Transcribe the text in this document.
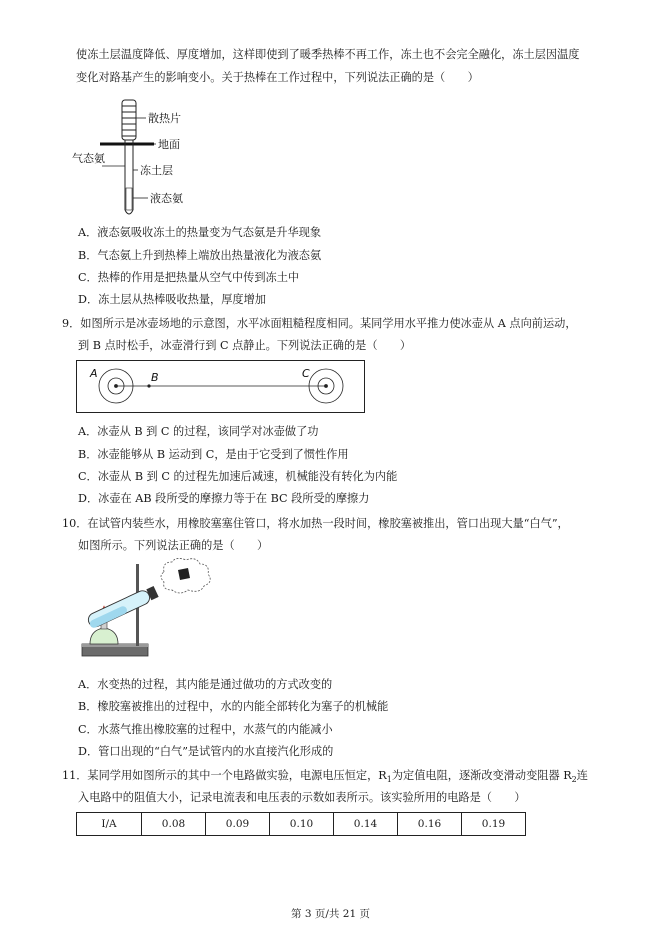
使冻土层温度降低、厚度增加，这样即使到了暖季热棒不再工作，冻土也不会完全融化，冻土层因温度
变化对路基产生的影响变小。关于热棒在工作过程中，下列说法正确的是（　　）
散热片
地面
气态氨
冻土层
液态氨
A．液态氨吸收冻土的热量变为气态氨是升华现象
B．气态氨上升到热棒上端放出热量液化为液态氨
C．热棒的作用是把热量从空气中传到冻土中
D．冻土层从热棒吸收热量，厚度增加
9．如图所示是冰壶场地的示意图，水平冰面粗糙程度相同。某同学用水平推力使冰壶从 A 点向前运动，
到 B 点时松手，冰壶滑行到 C 点静止。下列说法正确的是（　　）
A	B	C
A．冰壶从 B 到 C 的过程，该同学对冰壶做了功
B．冰壶能够从 B 运动到 C，是由于它受到了惯性作用
C．冰壶从 B 到 C 的过程先加速后减速，机械能没有转化为内能
D．冰壶在 AB 段所受的摩擦力等于在 BC 段所受的摩擦力
10．在试管内装些水，用橡胶塞塞住管口，将水加热一段时间，橡胶塞被推出，管口出现大量“白气”，
如图所示。下列说法正确的是（　　）
A．水变热的过程，其内能是通过做功的方式改变的
B．橡胶塞被推出的过程中，水的内能全部转化为塞子的机械能
C．水蒸气推出橡胶塞的过程中，水蒸气的内能减小
D．管口出现的“白气”是试管内的水直接汽化形成的
11．某同学用如图所示的其中一个电路做实验，电源电压恒定，$R_1$为定值电阻，逐渐改变滑动变阻器 $R_2$连
入电路中的阻值大小，记录电流表和电压表的示数如表所示。该实验所用的电路是（　　）
I/A	0.08	0.09	0.10	0.14	0.16	0.19
第 3 页/共 21 页
